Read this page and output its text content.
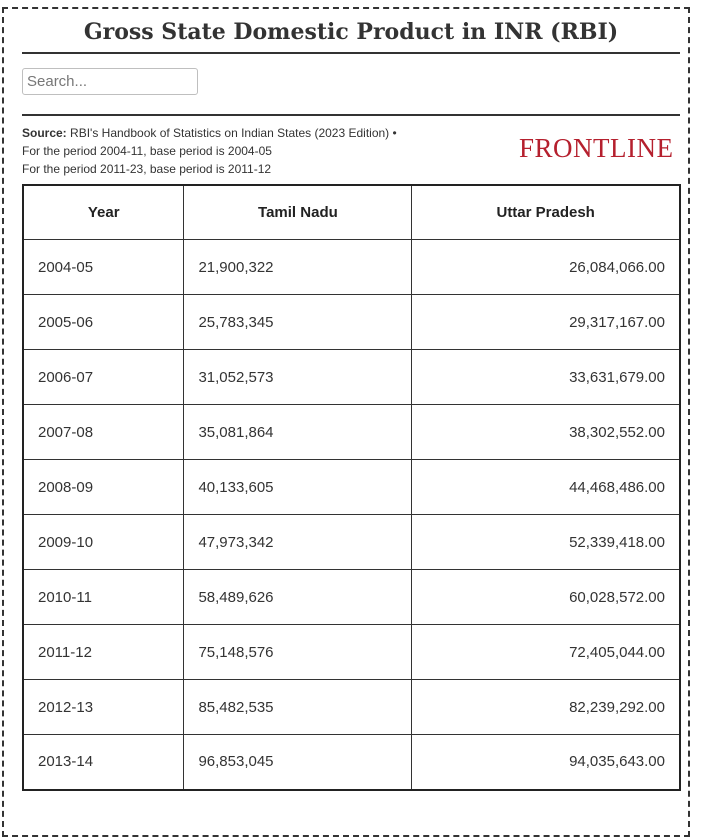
Gross State Domestic Product in INR (RBI)
Search...
Source: RBI's Handbook of Statistics on Indian States (2023 Edition) •
For the period 2004-11, base period is 2004-05
For the period 2011-23, base period is 2011-12
FRONTLINE
Year	Tamil Nadu	Uttar Pradesh
2004-05	21,900,322	26,084,066.00
2005-06	25,783,345	29,317,167.00
2006-07	31,052,573	33,631,679.00
2007-08	35,081,864	38,302,552.00
2008-09	40,133,605	44,468,486.00
2009-10	47,973,342	52,339,418.00
2010-11	58,489,626	60,028,572.00
2011-12	75,148,576	72,405,044.00
2012-13	85,482,535	82,239,292.00
2013-14	96,853,045	94,035,643.00
